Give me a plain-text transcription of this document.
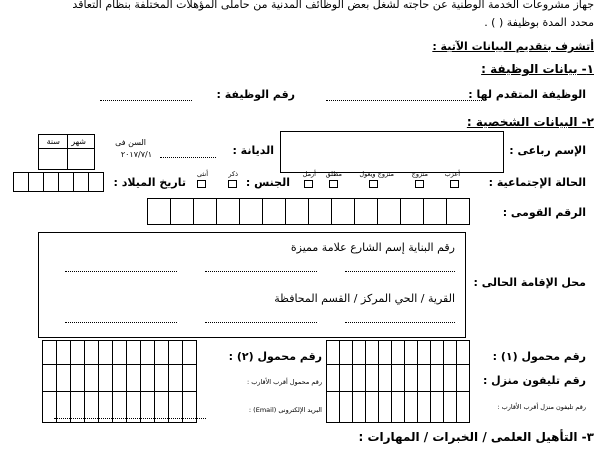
جهاز مشروعات الخدمة الوطنية عن حاجته لشغل بعض الوظائف المدنية من حاملى المؤهلات المختلفة بنظام التعاقد
محدد المدة بوظيفة ( ) .
أتشرف بتقديم البيانات الآتية :
١- بيانات الوظيفة :
الوظيفة المتقدم لها :
رقم الوظيفة :
٢- البيانات الشخصية :
الإسم رباعى :
الديانة :
السن فى
٢٠١٧/٧/١
شهر
سنة
الحالة الإجتماعية :
أعزب
متزوج
متزوج ويعول
مطلق
أرمل
الجنس :
ذكر
أنثى
تاريخ الميلاد :
الرقم القومى :
محل الإقامة الحالى :
رقم البناية إسم الشارع علامة مميزة
القرية / الحي المركز / القسم المحافظة
رقم محمول (١) :
رقم تليفون منزل :
رقم تليفون منزل أقرب الأقارب :
رقم محمول (٢) :
رقم محمول أقرب الأقارب :
البريد الإلكترونى (Email) :
٣- التأهيل العلمى / الخبرات / المهارات :
